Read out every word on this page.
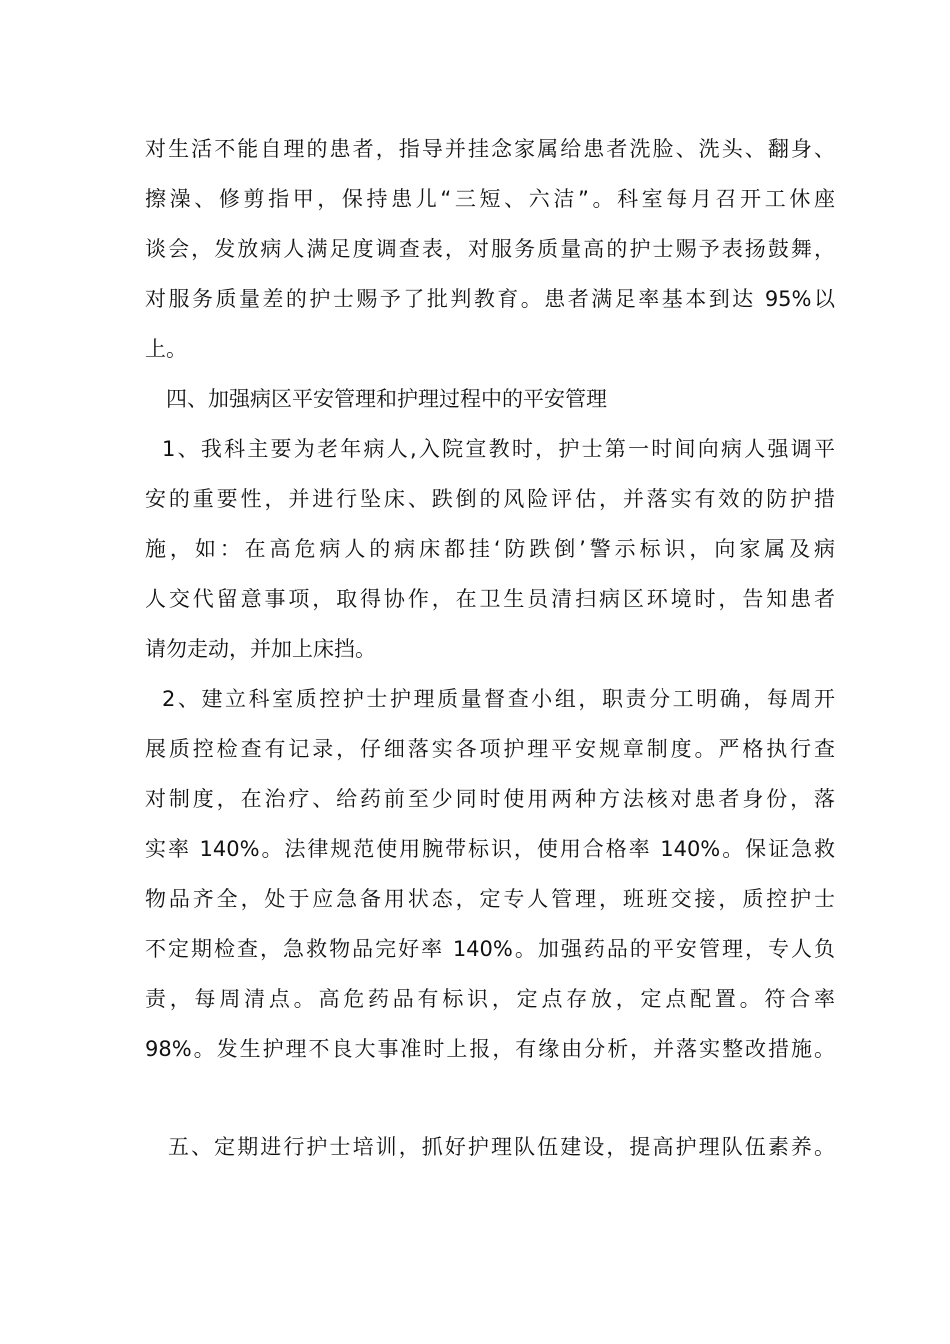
对生活不能自理的患者，指导并挂念家属给患者洗脸、洗头、翻身、
擦澡、修剪指甲，保持患儿“三短、六洁”。科室每月召开工休座
谈会，发放病人满足度调查表，对服务质量高的护士赐予表扬鼓舞，
对服务质量差的护士赐予了批判教育。患者满足率基本到达 95%以
上。
四、加强病区平安管理和护理过程中的平安管理
1、我科主要为老年病人,入院宣教时，护士第一时间向病人强调平
安的重要性，并进行坠床、跌倒的风险评估，并落实有效的防护措
施，如：在高危病人的病床都挂‘防跌倒’警示标识，向家属及病
人交代留意事项，取得协作，在卫生员清扫病区环境时，告知患者
请勿走动，并加上床挡。
2、建立科室质控护士护理质量督查小组，职责分工明确，每周开
展质控检查有记录，仔细落实各项护理平安规章制度。严格执行查
对制度，在治疗、给药前至少同时使用两种方法核对患者身份，落
实率 140%。法律规范使用腕带标识，使用合格率 140%。保证急救
物品齐全，处于应急备用状态，定专人管理，班班交接，质控护士
不定期检查，急救物品完好率 140%。加强药品的平安管理，专人负
责，每周清点。高危药品有标识，定点存放，定点配置。符合率
98%。发生护理不良大事准时上报，有缘由分析，并落实整改措施。
五、定期进行护士培训，抓好护理队伍建设，提高护理队伍素养。
